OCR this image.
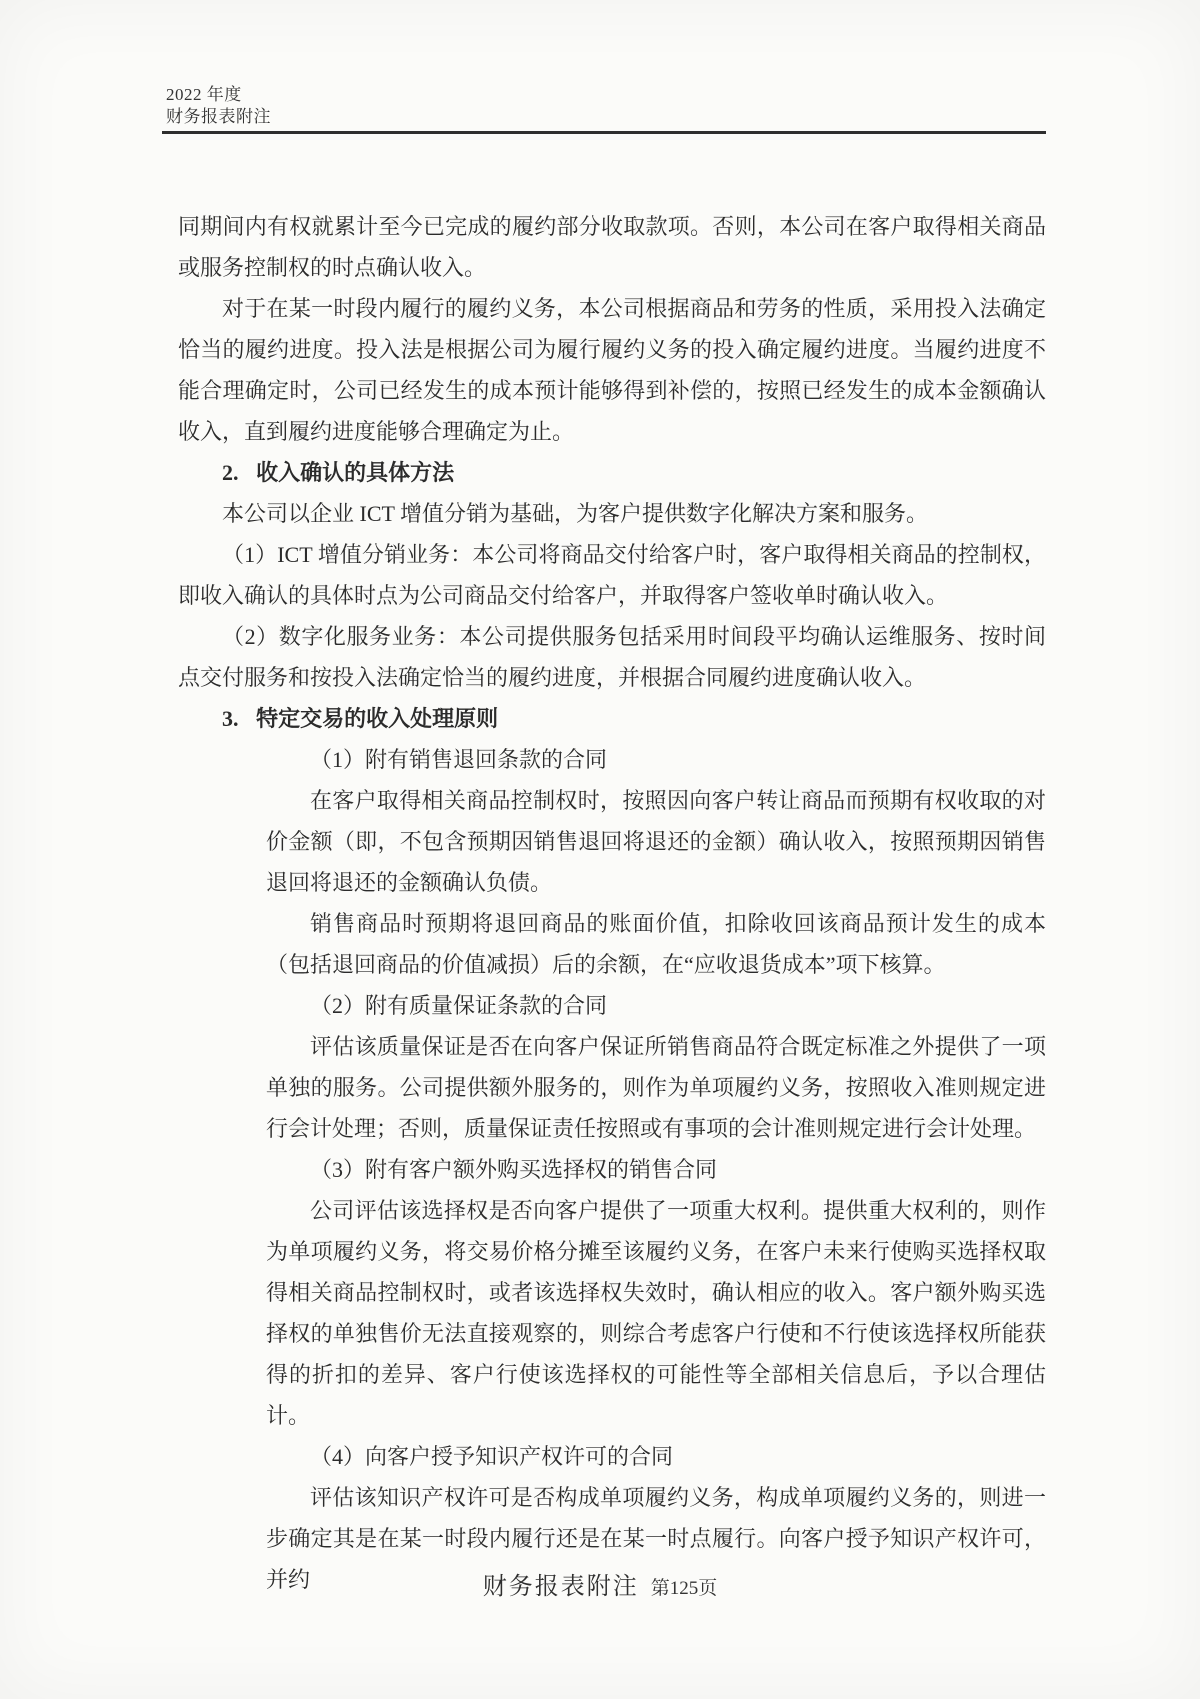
2022 年度
财务报表附注
同期间内有权就累计至今已完成的履约部分收取款项。否则，本公司在客户取得相关商品或服务控制权的时点确认收入。
对于在某一时段内履行的履约义务，本公司根据商品和劳务的性质，采用投入法确定恰当的履约进度。投入法是根据公司为履行履约义务的投入确定履约进度。当履约进度不能合理确定时，公司已经发生的成本预计能够得到补偿的，按照已经发生的成本金额确认收入，直到履约进度能够合理确定为止。
2. 收入确认的具体方法
本公司以企业 ICT 增值分销为基础，为客户提供数字化解决方案和服务。
（1）ICT 增值分销业务：本公司将商品交付给客户时，客户取得相关商品的控制权，即收入确认的具体时点为公司商品交付给客户，并取得客户签收单时确认收入。
（2）数字化服务业务：本公司提供服务包括采用时间段平均确认运维服务、按时间点交付服务和按投入法确定恰当的履约进度，并根据合同履约进度确认收入。
3. 特定交易的收入处理原则
（1）附有销售退回条款的合同
在客户取得相关商品控制权时，按照因向客户转让商品而预期有权收取的对价金额（即，不包含预期因销售退回将退还的金额）确认收入，按照预期因销售退回将退还的金额确认负债。
销售商品时预期将退回商品的账面价值，扣除收回该商品预计发生的成本（包括退回商品的价值减损）后的余额，在“应收退货成本”项下核算。
（2）附有质量保证条款的合同
评估该质量保证是否在向客户保证所销售商品符合既定标准之外提供了一项单独的服务。公司提供额外服务的，则作为单项履约义务，按照收入准则规定进行会计处理；否则，质量保证责任按照或有事项的会计准则规定进行会计处理。
（3）附有客户额外购买选择权的销售合同
公司评估该选择权是否向客户提供了一项重大权利。提供重大权利的，则作为单项履约义务，将交易价格分摊至该履约义务，在客户未来行使购买选择权取得相关商品控制权时，或者该选择权失效时，确认相应的收入。客户额外购买选择权的单独售价无法直接观察的，则综合考虑客户行使和不行使该选择权所能获得的折扣的差异、客户行使该选择权的可能性等全部相关信息后，予以合理估计。
（4）向客户授予知识产权许可的合同
评估该知识产权许可是否构成单项履约义务，构成单项履约义务的，则进一步确定其是在某一时段内履行还是在某一时点履行。向客户授予知识产权许可，并约	财务报表附注 第125页
